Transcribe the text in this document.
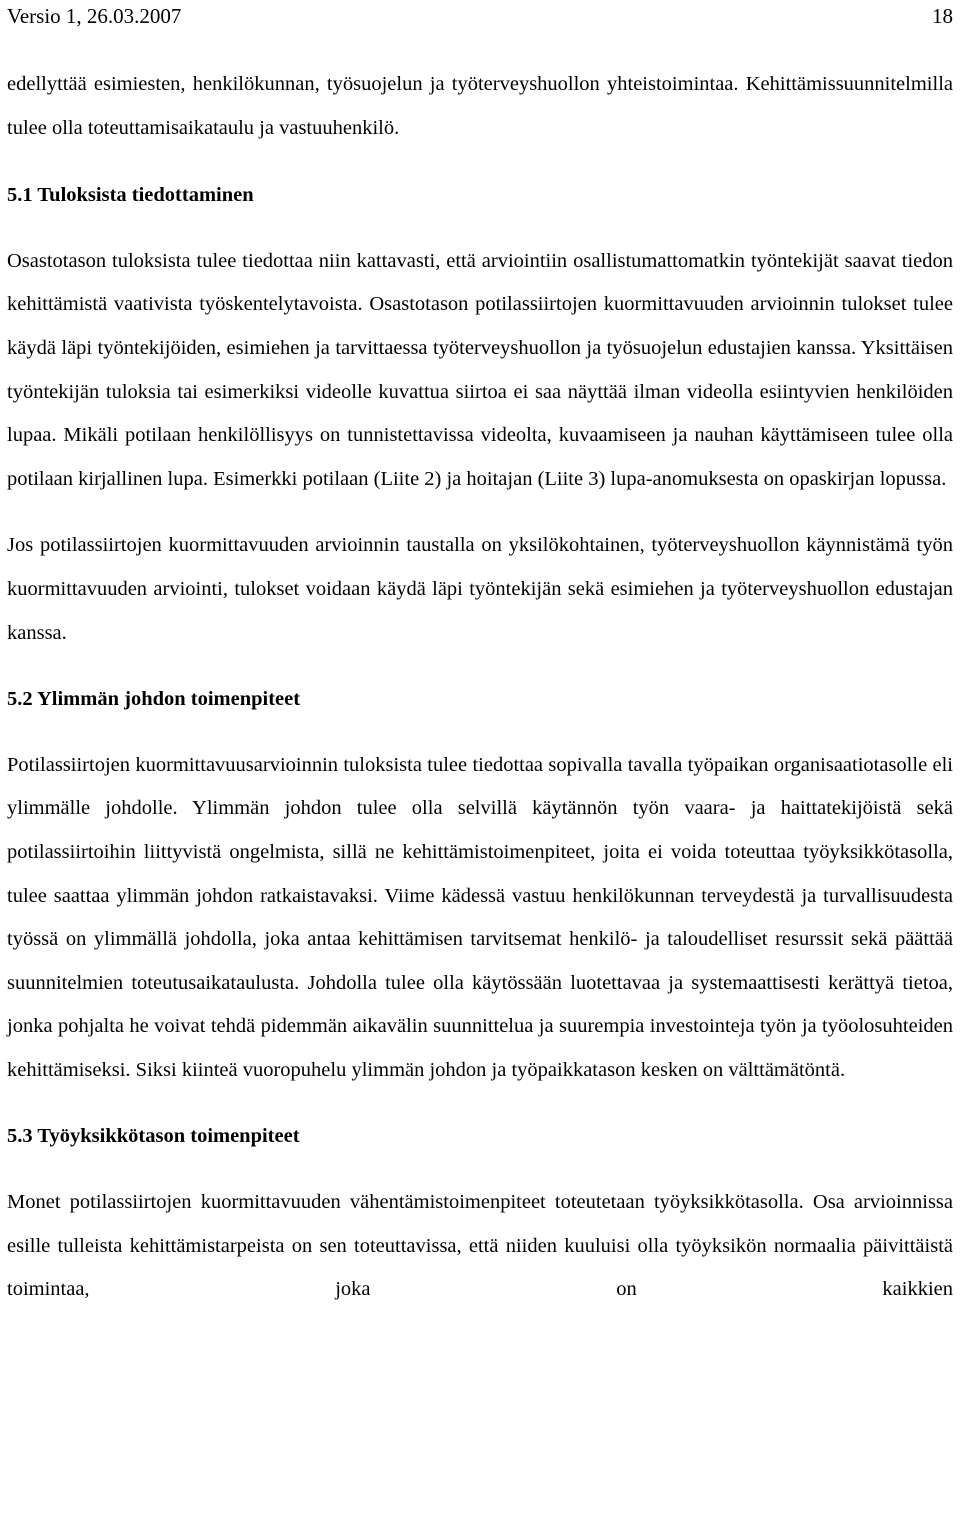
Versio 1, 26.03.2007	18

edellyttää esimiesten, henkilökunnan, työsuojelun ja työterveyshuollon yhteistoimintaa. Kehittämissuunnitelmilla tulee olla toteuttamisaikataulu ja vastuuhenkilö.

5.1 Tuloksista tiedottaminen

Osastotason tuloksista tulee tiedottaa niin kattavasti, että arviointiin osallistumattomatkin työntekijät saavat tiedon kehittämistä vaativista työskentelytavoista. Osastotason potilassiirtojen kuormittavuuden arvioinnin tulokset tulee käydä läpi työntekijöiden, esimiehen ja tarvittaessa työterveyshuollon ja työsuojelun edustajien kanssa. Yksittäisen työntekijän tuloksia tai esimerkiksi videolle kuvattua siirtoa ei saa näyttää ilman videolla esiintyvien henkilöiden lupaa. Mikäli potilaan henkilöllisyys on tunnistettavissa videolta, kuvaamiseen ja nauhan käyttämiseen tulee olla potilaan kirjallinen lupa. Esimerkki potilaan (Liite 2) ja hoitajan (Liite 3) lupa-anomuksesta on opaskirjan lopussa.

Jos potilassiirtojen kuormittavuuden arvioinnin taustalla on yksilökohtainen, työterveyshuollon käynnistämä työn kuormittavuuden arviointi, tulokset voidaan käydä läpi työntekijän sekä esimiehen ja työterveyshuollon edustajan kanssa.

5.2 Ylimmän johdon toimenpiteet

Potilassiirtojen kuormittavuusarvioinnin tuloksista tulee tiedottaa sopivalla tavalla työpaikan organisaatiotasolle eli ylimmälle johdolle. Ylimmän johdon tulee olla selvillä käytännön työn vaara- ja haittatekijöistä sekä potilassiirtoihin liittyvistä ongelmista, sillä ne kehittämistoimenpiteet, joita ei voida toteuttaa työyksikkötasolla, tulee saattaa ylimmän johdon ratkaistavaksi. Viime kädessä vastuu henkilökunnan terveydestä ja turvallisuudesta työssä on ylimmällä johdolla, joka antaa kehittämisen tarvitsemat henkilö- ja taloudelliset resurssit sekä päättää suunnitelmien toteutusaikataulusta. Johdolla tulee olla käytössään luotettavaa ja systemaattisesti kerättyä tietoa, jonka pohjalta he voivat tehdä pidemmän aikavälin suunnittelua ja suurempia investointeja työn ja työolosuhteiden kehittämiseksi. Siksi kiinteä vuoropuhelu ylimmän johdon ja työpaikkatason kesken on välttämätöntä.

5.3 Työyksikkötason toimenpiteet

Monet potilassiirtojen kuormittavuuden vähentämistoimenpiteet toteutetaan työyksikkötasolla. Osa arvioinnissa esille tulleista kehittämistarpeista on sen toteuttavissa, että niiden kuuluisi olla työyksikön normaalia päivittäistä toimintaa, joka on kaikkien
